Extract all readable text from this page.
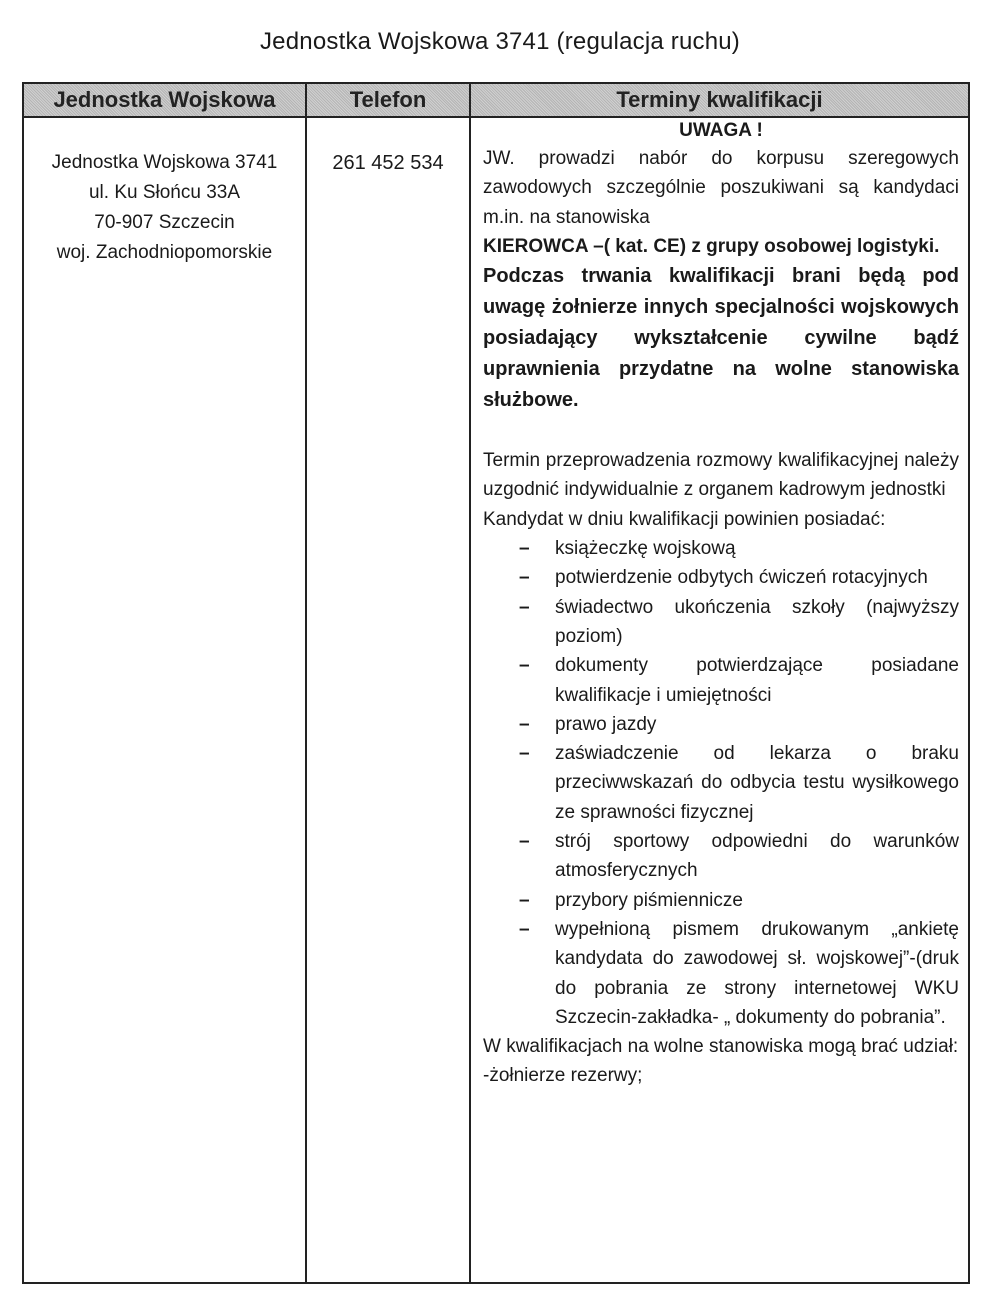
Jednostka Wojskowa 3741 (regulacja ruchu)
Jednostka Wojskowa	Telefon	Terminy kwalifikacji
Jednostka Wojskowa 3741
ul. Ku Słońcu 33A
70-907 Szczecin
woj. Zachodniopomorskie
261 452 534
UWAGA !

JW. prowadzi nabór do korpusu szeregowych zawodowych szczególnie poszukiwani są kandydaci m.in. na stanowiska

KIEROWCA –( kat. CE) z grupy osobowej logistyki.

Podczas trwania kwalifikacji brani będą pod uwagę żołnierze innych specjalności wojskowych posiadający wykształcenie cywilne bądź uprawnienia przydatne na wolne stanowiska służbowe.

Termin przeprowadzenia rozmowy kwalifikacyjnej należy uzgodnić indywidualnie z organem kadrowym jednostki

Kandydat w dniu kwalifikacji powinien posiadać:

– książeczkę wojskową
– potwierdzenie odbytych ćwiczeń rotacyjnych
– świadectwo ukończenia szkoły (najwyższy poziom)
– dokumenty potwierdzające posiadane kwalifikacje i umiejętności
– prawo jazdy
– zaświadczenie od lekarza o braku przeciwwskazań do odbycia testu wysiłkowego ze sprawności fizycznej
– strój sportowy odpowiedni do warunków atmosferycznych
– przybory piśmiennicze
– wypełnioną pismem drukowanym „ankietę kandydata do zawodowej sł. wojskowej”-(druk do pobrania ze strony internetowej WKU Szczecin-zakładka- „ dokumenty do pobrania”.

W kwalifikacjach na wolne stanowiska mogą brać udział:

-żołnierze rezerwy;
